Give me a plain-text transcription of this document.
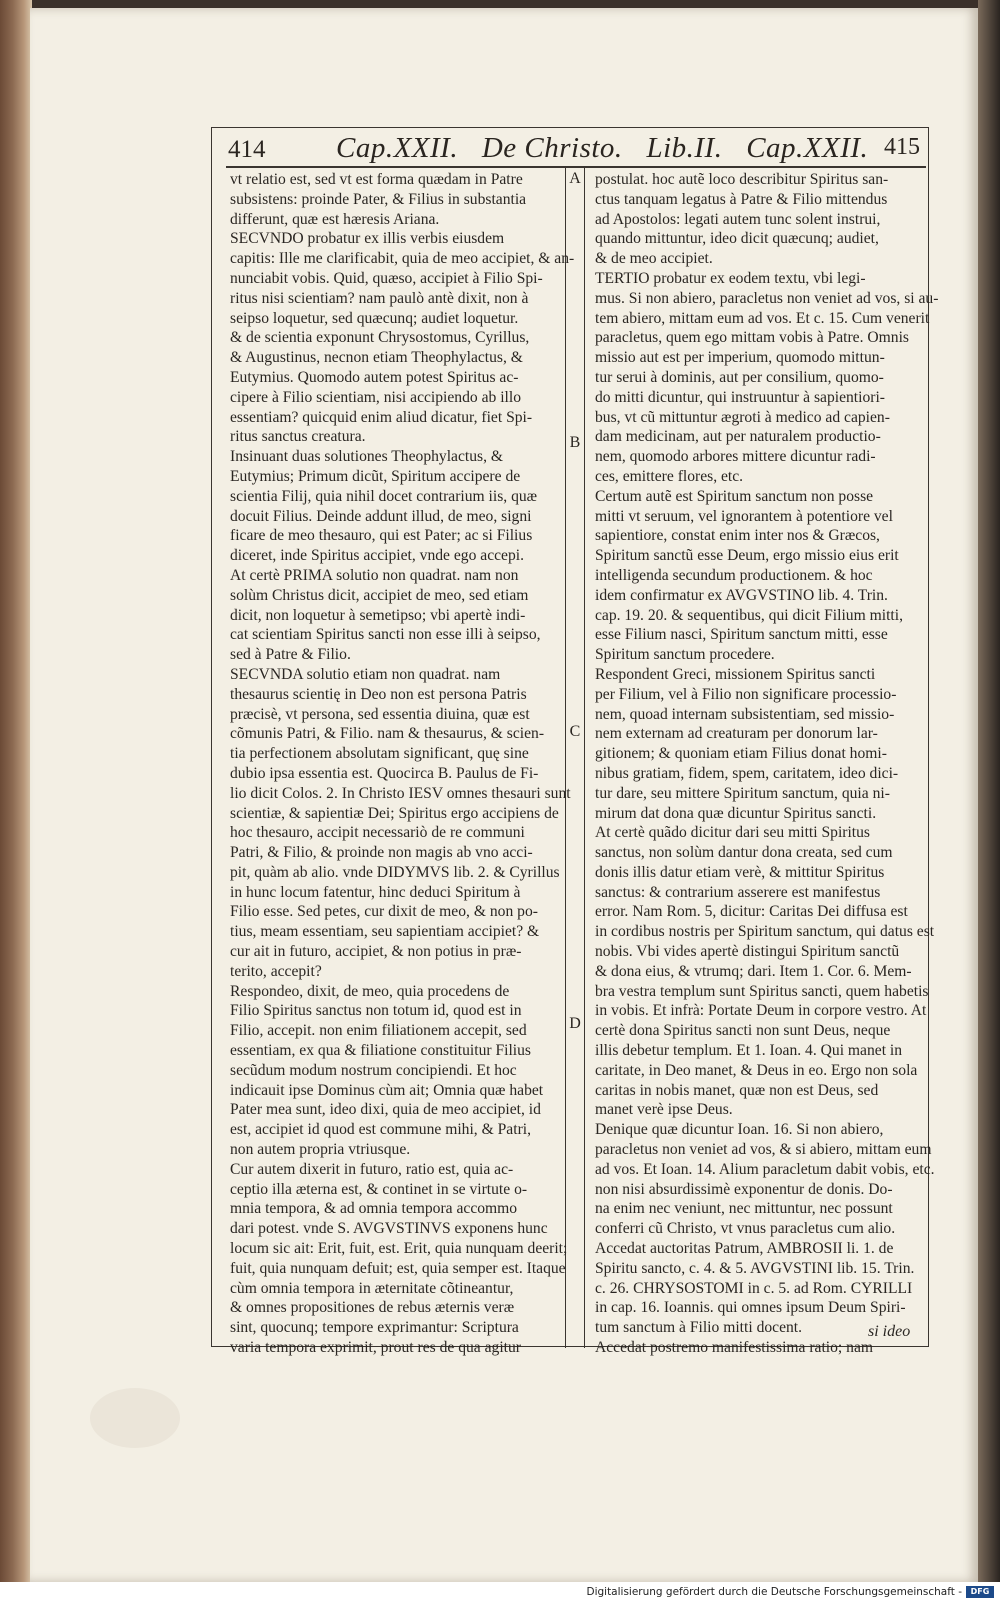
414 Cap.XXII. De Christo. Lib.II. Cap.XXII. 415
A
B
C
D
vt relatio est, sed vt est forma quædam in Patre
subsistens: proinde Pater, & Filius in substantia
differunt, quæ est hæresis Ariana.
SECVNDO probatur ex illis verbis eiusdem
capitis: Ille me clarificabit, quia de meo accipiet, & an-
nunciabit vobis. Quid, quæso, accipiet à Filio Spi-
ritus nisi scientiam? nam paulò antè dixit, non à
seipso loquetur, sed quæcunq; audiet loquetur.
& de scientia exponunt Chrysostomus, Cyrillus,
& Augustinus, necnon etiam Theophylactus, &
Eutymius. Quomodo autem potest Spiritus ac-
cipere à Filio scientiam, nisi accipiendo ab illo
essentiam? quicquid enim aliud dicatur, fiet Spi-
ritus sanctus creatura.
Insinuant duas solutiones Theophylactus, &
Eutymius; Primum dicũt, Spiritum accipere de
scientia Filij, quia nihil docet contrarium iis, quæ
docuit Filius. Deinde addunt illud, de meo, signi
ficare de meo thesauro, qui est Pater; ac si Filius
diceret, inde Spiritus accipiet, vnde ego accepi.
At certè PRIMA solutio non quadrat. nam non
solùm Christus dicit, accipiet de meo, sed etiam
dicit, non loquetur à semetipso; vbi apertè indi-
cat scientiam Spiritus sancti non esse illi à seipso,
sed à Patre & Filio.
SECVNDA solutio etiam non quadrat. nam
thesaurus scientię in Deo non est persona Patris
præcisè, vt persona, sed essentia diuina, quæ est
cõmunis Patri, & Filio. nam & thesaurus, & scien-
tia perfectionem absolutam significant, quę sine
dubio ipsa essentia est. Quocirca B. Paulus de Fi-
lio dicit Colos. 2. In Christo IESV omnes thesauri sunt
scientiæ, & sapientiæ Dei; Spiritus ergo accipiens de
hoc thesauro, accipit necessariò de re communi
Patri, & Filio, & proinde non magis ab vno acci-
pit, quàm ab alio. vnde DIDYMVS lib. 2. & Cyrillus
in hunc locum fatentur, hinc deduci Spiritum à
Filio esse. Sed petes, cur dixit de meo, & non po-
tius, meam essentiam, seu sapientiam accipiet? &
cur ait in futuro, accipiet, & non potius in præ-
terito, accepit?
Respondeo, dixit, de meo, quia procedens de
Filio Spiritus sanctus non totum id, quod est in
Filio, accepit. non enim filiationem accepit, sed
essentiam, ex qua & filiatione constituitur Filius
secũdum modum nostrum concipiendi. Et hoc
indicauit ipse Dominus cùm ait; Omnia quæ habet
Pater mea sunt, ideo dixi, quia de meo accipiet, id
est, accipiet id quod est commune mihi, & Patri,
non autem propria vtriusque.
Cur autem dixerit in futuro, ratio est, quia ac-
ceptio illa æterna est, & continet in se virtute o-
mnia tempora, & ad omnia tempora accommo
dari potest. vnde S. AVGVSTINVS exponens hunc
locum sic ait: Erit, fuit, est. Erit, quia nunquam deerit;
fuit, quia nunquam defuit; est, quia semper est. Itaque
cùm omnia tempora in æternitate cõtineantur,
& omnes propositiones de rebus æternis veræ
sint, quocunq; tempore exprimantur: Scriptura
varia tempora exprimit, prout res de qua agitur
postulat. hoc autẽ loco describitur Spiritus san-
ctus tanquam legatus à Patre & Filio mittendus
ad Apostolos: legati autem tunc solent instrui,
quando mittuntur, ideo dicit quæcunq; audiet,
& de meo accipiet.
TERTIO probatur ex eodem textu, vbi legi-
mus. Si non abiero, paracletus non veniet ad vos, si au-
tem abiero, mittam eum ad vos. Et c. 15. Cum venerit
paracletus, quem ego mittam vobis à Patre. Omnis
missio aut est per imperium, quomodo mittun-
tur serui à dominis, aut per consilium, quomo-
do mitti dicuntur, qui instruuntur à sapientiori-
bus, vt cũ mittuntur ægroti à medico ad capien-
dam medicinam, aut per naturalem productio-
nem, quomodo arbores mittere dicuntur radi-
ces, emittere flores, etc.
Certum autẽ est Spiritum sanctum non posse
mitti vt seruum, vel ignorantem à potentiore vel
sapientiore, constat enim inter nos & Græcos,
Spiritum sanctũ esse Deum, ergo missio eius erit
intelligenda secundum productionem. & hoc
idem confirmatur ex AVGVSTINO lib. 4. Trin.
cap. 19. 20. & sequentibus, qui dicit Filium mitti,
esse Filium nasci, Spiritum sanctum mitti, esse
Spiritum sanctum procedere.
Respondent Greci, missionem Spiritus sancti
per Filium, vel à Filio non significare processio-
nem, quoad internam subsistentiam, sed missio-
nem externam ad creaturam per donorum lar-
gitionem; & quoniam etiam Filius donat homi-
nibus gratiam, fidem, spem, caritatem, ideo dici-
tur dare, seu mittere Spiritum sanctum, quia ni-
mirum dat dona quæ dicuntur Spiritus sancti.
At certè quãdo dicitur dari seu mitti Spiritus
sanctus, non solùm dantur dona creata, sed cum
donis illis datur etiam verè, & mittitur Spiritus
sanctus: & contrarium asserere est manifestus
error. Nam Rom. 5, dicitur: Caritas Dei diffusa est
in cordibus nostris per Spiritum sanctum, qui datus est
nobis. Vbi vides apertè distingui Spiritum sanctũ
& dona eius, & vtrumq; dari. Item 1. Cor. 6. Mem-
bra vestra templum sunt Spiritus sancti, quem habetis
in vobis. Et infrà: Portate Deum in corpore vestro. At
certè dona Spiritus sancti non sunt Deus, neque
illis debetur templum. Et 1. Ioan. 4. Qui manet in
caritate, in Deo manet, & Deus in eo. Ergo non sola
caritas in nobis manet, quæ non est Deus, sed
manet verè ipse Deus.
Denique quæ dicuntur Ioan. 16. Si non abiero,
paracletus non veniet ad vos, & si abiero, mittam eum
ad vos. Et Ioan. 14. Alium paracletum dabit vobis, etc.
non nisi absurdissimè exponentur de donis. Do-
na enim nec veniunt, nec mittuntur, nec possunt
conferri cũ Christo, vt vnus paracletus cum alio.
Accedat auctoritas Patrum, AMBROSII li. 1. de
Spiritu sancto, c. 4. & 5. AVGVSTINI lib. 15. Trin.
c. 26. CHRYSOSTOMI in c. 5. ad Rom. CYRILLI
in cap. 16. Ioannis. qui omnes ipsum Deum Spiri-
tum sanctum à Filio mitti docent.
Accedat postremo manifestissima ratio; nam
si ideo
Digitalisierung gefördert durch die Deutsche Forschungsgemeinschaft -	DFG
